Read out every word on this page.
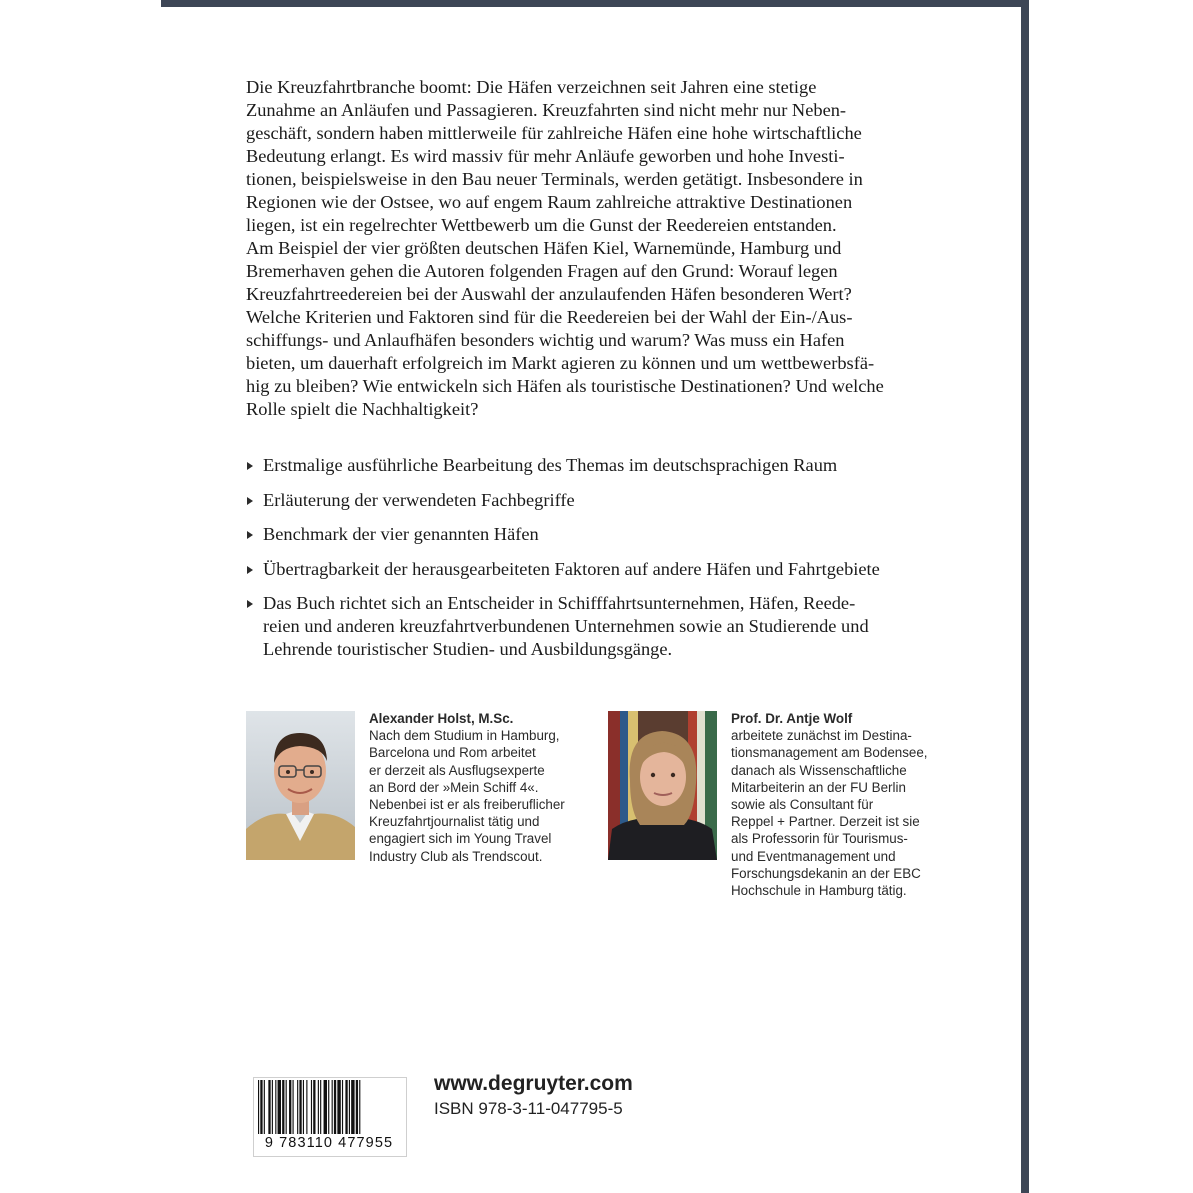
Die Kreuzfahrtbranche boomt: Die Häfen verzeichnen seit Jahren eine stetige
Zunahme an Anläufen und Passagieren. Kreuzfahrten sind nicht mehr nur Neben-
geschäft, sondern haben mittlerweile für zahlreiche Häfen eine hohe wirtschaftliche
Bedeutung erlangt. Es wird massiv für mehr Anläufe geworben und hohe Investi-
tionen, beispielsweise in den Bau neuer Terminals, werden getätigt. Insbesondere in
Regionen wie der Ostsee, wo auf engem Raum zahlreiche attraktive Destinationen
liegen, ist ein regelrechter Wettbewerb um die Gunst der Reedereien entstanden.
Am Beispiel der vier größten deutschen Häfen Kiel, Warnemünde, Hamburg und
Bremerhaven gehen die Autoren folgenden Fragen auf den Grund: Worauf legen
Kreuzfahrtreedereien bei der Auswahl der anzulaufenden Häfen besonderen Wert?
Welche Kriterien und Faktoren sind für die Reedereien bei der Wahl der Ein-/Aus-
schiffungs- und Anlaufhäfen besonders wichtig und warum? Was muss ein Hafen
bieten, um dauerhaft erfolgreich im Markt agieren zu können und um wettbewerbsfä-
hig zu bleiben? Wie entwickeln sich Häfen als touristische Destinationen? Und welche
Rolle spielt die Nachhaltigkeit?

Erstmalige ausführliche Bearbeitung des Themas im deutschsprachigen Raum
Erläuterung der verwendeten Fachbegriffe
Benchmark der vier genannten Häfen
Übertragbarkeit der herausgearbeiteten Faktoren auf andere Häfen und Fahrtgebiete
Das Buch richtet sich an Entscheider in Schifffahrtsunternehmen, Häfen, Reede-
reien und anderen kreuzfahrtverbundenen Unternehmen sowie an Studierende und
Lehrende touristischer Studien- und Ausbildungsgänge.
Alexander Holst, M.Sc.
Nach dem Studium in Hamburg,
Barcelona und Rom arbeitet
er derzeit als Ausflugsexperte
an Bord der »Mein Schiff 4«.
Nebenbei ist er als freiberuflicher
Kreuzfahrtjournalist tätig und
engagiert sich im Young Travel
Industry Club als Trendscout.
Prof. Dr. Antje Wolf
arbeitete zunächst im Destina-
tionsmanagement am Bodensee,
danach als Wissenschaftliche
Mitarbeiterin an der FU Berlin
sowie als Consultant für
Reppel + Partner. Derzeit ist sie
als Professorin für Tourismus-
und Eventmanagement und
Forschungsdekanin an der EBC
Hochschule in Hamburg tätig.
9 783110 477955
www.degruyter.com
ISBN 978-3-11-047795-5
